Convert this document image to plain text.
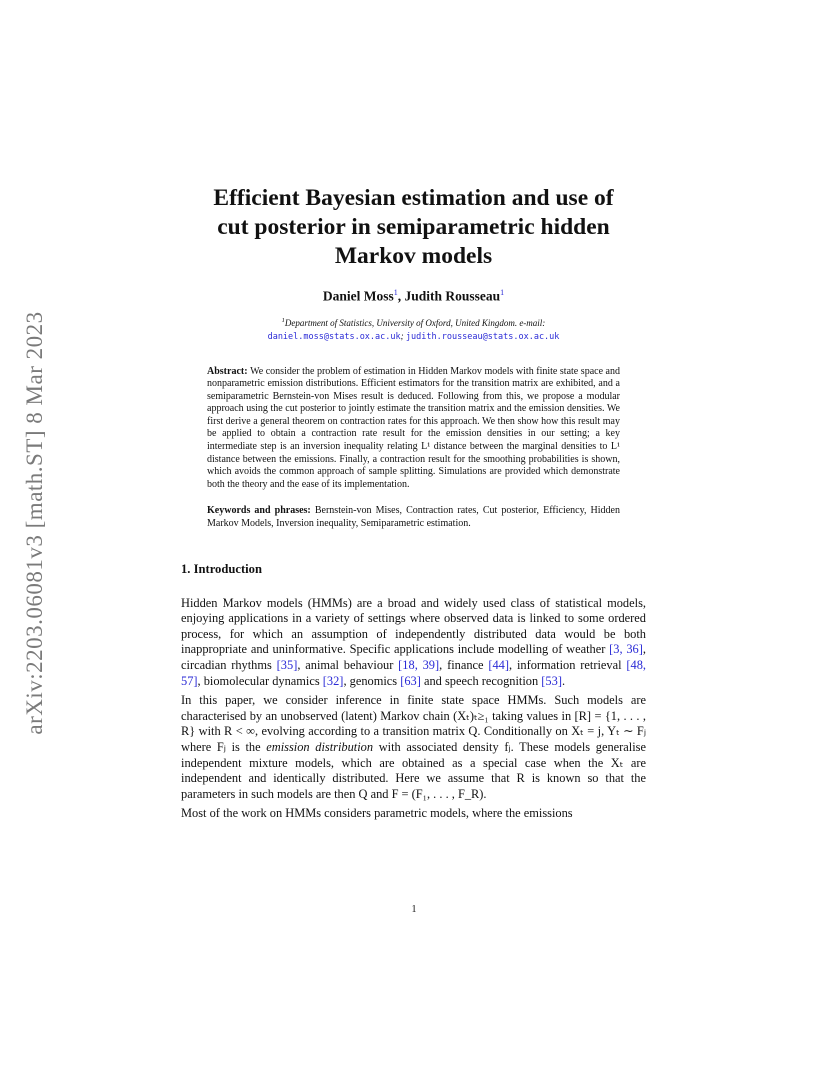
arXiv:2203.06081v3 [math.ST] 8 Mar 2023
Efficient Bayesian estimation and use of
cut posterior in semiparametric hidden
Markov models
Daniel Moss$^1$, Judith Rousseau$^1$
$^1$Department of Statistics, University of Oxford, United Kingdom. e-mail:
daniel.moss@stats.ox.ac.uk; judith.rousseau@stats.ox.ac.uk
Abstract: We consider the problem of estimation in Hidden Markov models with finite state space and nonparametric emission distributions. Efficient estimators for the transition matrix are exhibited, and a semiparametric Bernstein-von Mises result is deduced. Following from this, we propose a modular approach using the cut posterior to jointly estimate the transition matrix and the emission densities. We first derive a general theorem on contraction rates for this approach. We then show how this result may be applied to obtain a contraction rate result for the emission densities in our setting; a key intermediate step is an inversion inequality relating L¹ distance between the marginal densities to L¹ distance between the emissions. Finally, a contraction result for the smoothing probabilities is shown, which avoids the common approach of sample splitting. Simulations are provided which demonstrate both the theory and the ease of its implementation.
Keywords and phrases: Bernstein-von Mises, Contraction rates, Cut posterior, Efficiency, Hidden Markov Models, Inversion inequality, Semiparametric estimation.
1. Introduction

Hidden Markov models (HMMs) are a broad and widely used class of statistical models, enjoying applications in a variety of settings where observed data is linked to some ordered process, for which an assumption of independently distributed data would be both inappropriate and uninformative. Specific applications include modelling of weather [3, 36], circadian rhythms [35], animal behaviour [18, 39], finance [44], information retrieval [48, 57], biomolecular dynamics [32], genomics [63] and speech recognition [53].

In this paper, we consider inference in finite state space HMMs. Such models are characterised by an unobserved (latent) Markov chain (Xₜ)ₜ≥₁ taking values in [R] = {1, . . . , R} with R < ∞, evolving according to a transition matrix Q. Conditionally on Xₜ = j, Yₜ ∼ Fⱼ where Fⱼ is the emission distribution with associated density fⱼ. These models generalise independent mixture models, which are obtained as a special case when the Xₜ are independent and identically distributed. Here we assume that R is known so that the parameters in such models are then Q and F = (F₁, . . . , F_R).

Most of the work on HMMs considers parametric models, where the emissions

1
